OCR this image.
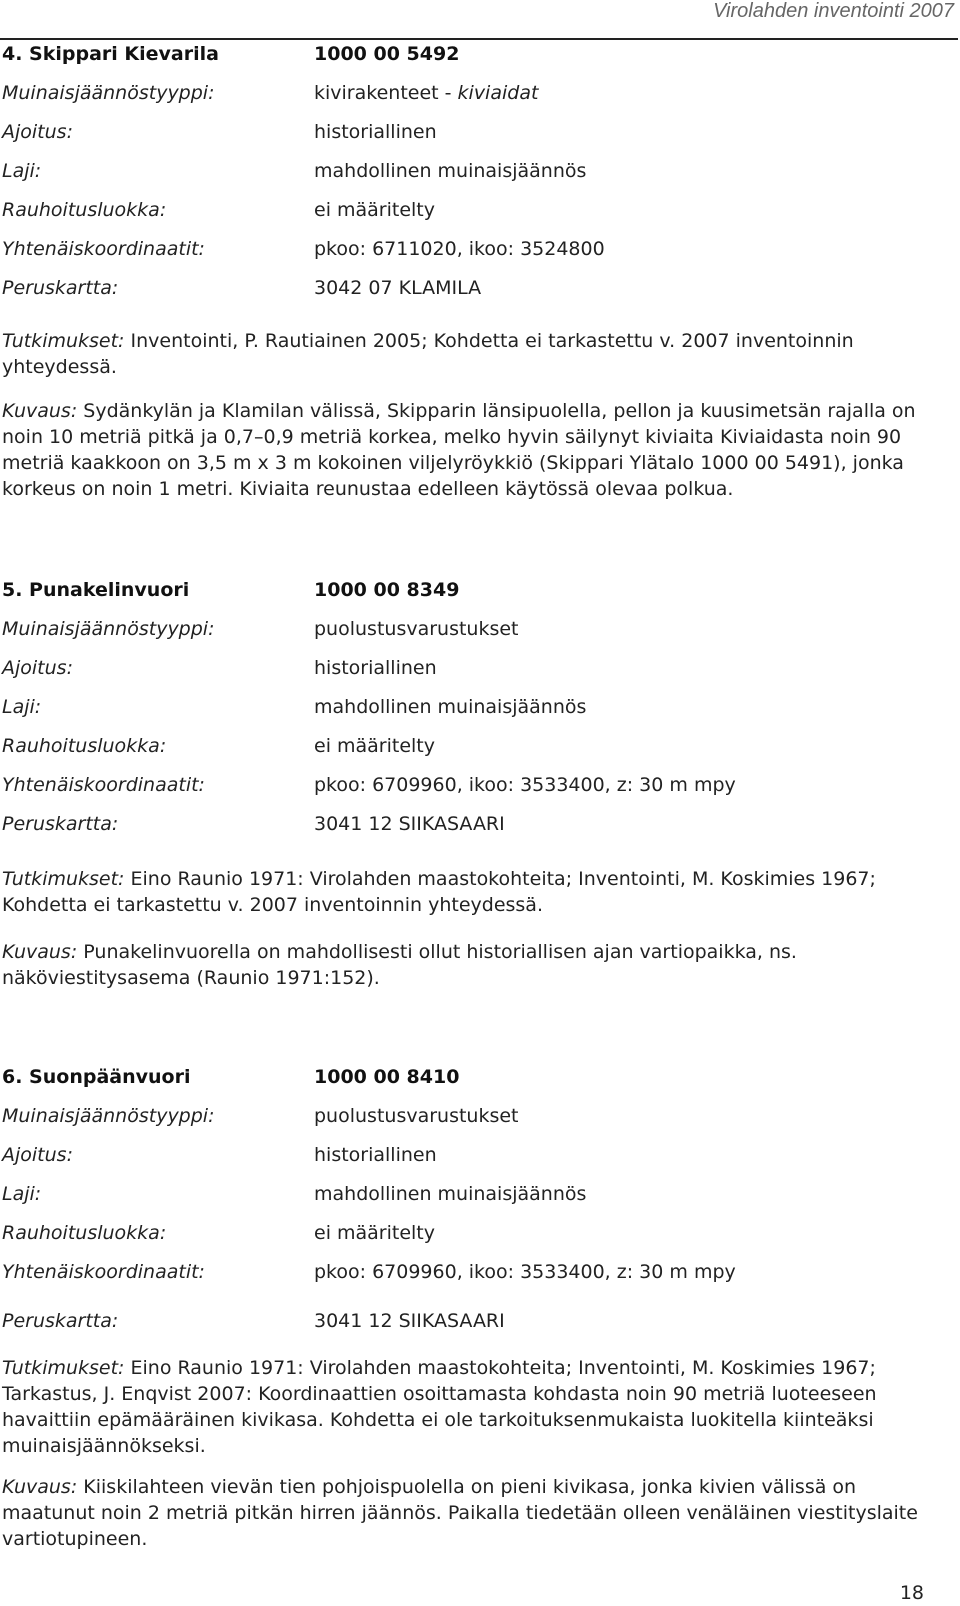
Virolahden inventointi 2007
4. Skippari Kievarila	1000 00 5492
Muinaisjäännöstyyppi:	kivirakenteet - kiviaidat
Ajoitus:	historiallinen
Laji:	mahdollinen muinaisjäännös
Rauhoitusluokka:	ei määritelty
Yhtenäiskoordinaatit:	pkoo: 6711020, ikoo: 3524800
Peruskartta:	3042 07 KLAMILA
Tutkimukset: Inventointi, P. Rautiainen 2005; Kohdetta ei tarkastettu v. 2007 inventoinnin yhteydessä.
Kuvaus: Sydänkylän ja Klamilan välissä, Skipparin länsipuolella, pellon ja kuusimetsän rajalla on noin 10 metriä pitkä ja 0,7–0,9 metriä korkea, melko hyvin säilynyt kiviaita Kiviaidasta noin 90 metriä kaakkoon on 3,5 m x 3 m kokoinen viljelyröykkiö (Skippari Ylätalo 1000 00 5491), jonka korkeus on noin 1 metri. Kiviaita reunustaa edelleen käytössä olevaa polkua.
5. Punakelinvuori	1000 00 8349
Muinaisjäännöstyyppi:	puolustusvarustukset
Ajoitus:	historiallinen
Laji:	mahdollinen muinaisjäännös
Rauhoitusluokka:	ei määritelty
Yhtenäiskoordinaatit:	pkoo: 6709960, ikoo: 3533400, z: 30 m mpy
Peruskartta:	3041 12 SIIKASAARI
Tutkimukset: Eino Raunio 1971: Virolahden maastokohteita; Inventointi, M. Koskimies 1967; Kohdetta ei tarkastettu v. 2007 inventoinnin yhteydessä.
Kuvaus: Punakelinvuorella on mahdollisesti ollut historiallisen ajan vartiopaikka, ns. näköviestitysasema (Raunio 1971:152).
6. Suonpäänvuori	1000 00 8410
Muinaisjäännöstyyppi:	puolustusvarustukset
Ajoitus:	historiallinen
Laji:	mahdollinen muinaisjäännös
Rauhoitusluokka:	ei määritelty
Yhtenäiskoordinaatit:	pkoo: 6709960, ikoo: 3533400, z: 30 m mpy
Peruskartta:	3041 12 SIIKASAARI
Tutkimukset: Eino Raunio 1971: Virolahden maastokohteita; Inventointi, M. Koskimies 1967; Tarkastus, J. Enqvist 2007: Koordinaattien osoittamasta kohdasta noin 90 metriä luoteeseen havaittiin epämääräinen kivikasa. Kohdetta ei ole tarkoituksenmukaista luokitella kiinteäksi muinaisjäännökseksi.
Kuvaus: Kiiskilahteen vievän tien pohjoispuolella on pieni kivikasa, jonka kivien välissä on maatunut noin 2 metriä pitkän hirren jäännös. Paikalla tiedetään olleen venäläinen viestityslaite vartiotupineen.
18
